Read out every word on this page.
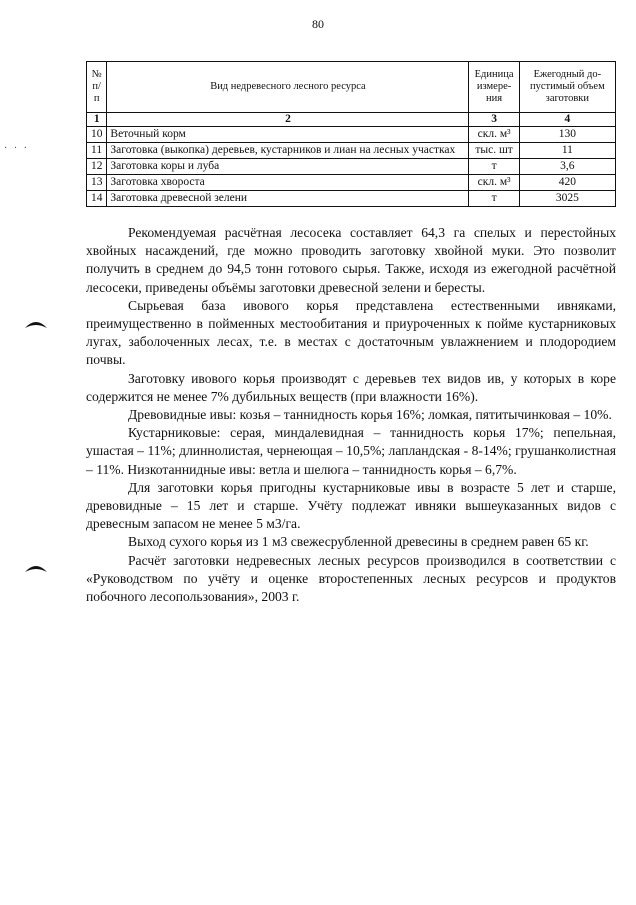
80
· · ·
№ п/ п	Вид недревесного лесного ресурса	Единица измере-ния	Ежегодный до-пустимый объем заготовки
1	2	3	4
10	Веточный корм	скл. м³	130
11	Заготовка (выкопка) деревьев, кустарников и лиан на лесных участках	тыс. шт	11
12	Заготовка коры и луба	т	3,6
13	Заготовка хвороста	скл. м³	420
14	Заготовка древесной зелени	т	3025

Рекомендуемая расчётная лесосека составляет 64,3 га спелых и перестойных хвойных насаждений, где можно проводить заготовку хвойной муки. Это позволит получить в среднем до 94,5 тонн готового сырья. Также, исходя из ежегодной расчётной лесосеки, приведены объёмы заготовки древесной зелени и бересты.

Сырьевая база ивового корья представлена естественными ивняками, преимущественно в пойменных местообитания и приуроченных к пойме кустарниковых лугах, заболоченных лесах, т.е. в местах с достаточным увлажнением и плодородием почвы.

Заготовку ивового корья производят с деревьев тех видов ив, у которых в коре содержится не менее 7% дубильных веществ (при влажности 16%).

Древовидные ивы: козья – таннидность корья 16%; ломкая, пятитычинковая – 10%.

Кустарниковые: серая, миндалевидная – таннидность корья 17%; пепельная, ушастая – 11%; длиннолистая, чернеющая – 10,5%; лапландская - 8-14%; грушанколистная – 11%. Низкотаннидные ивы: ветла и шелюга – таннидность корья – 6,7%.

Для заготовки корья пригодны кустарниковые ивы в возрасте 5 лет и старше, древовидные – 15 лет и старше. Учёту подлежат ивняки вышеуказанных видов с древесным запасом не менее 5 м3/га.

Выход сухого корья из 1 м3 свежесрубленной древесины в среднем равен 65 кг.

Расчёт заготовки недревесных лесных ресурсов производился в соответствии с «Руководством по учёту и оценке второстепенных лесных ресурсов и продуктов побочного лесопользования», 2003 г.
